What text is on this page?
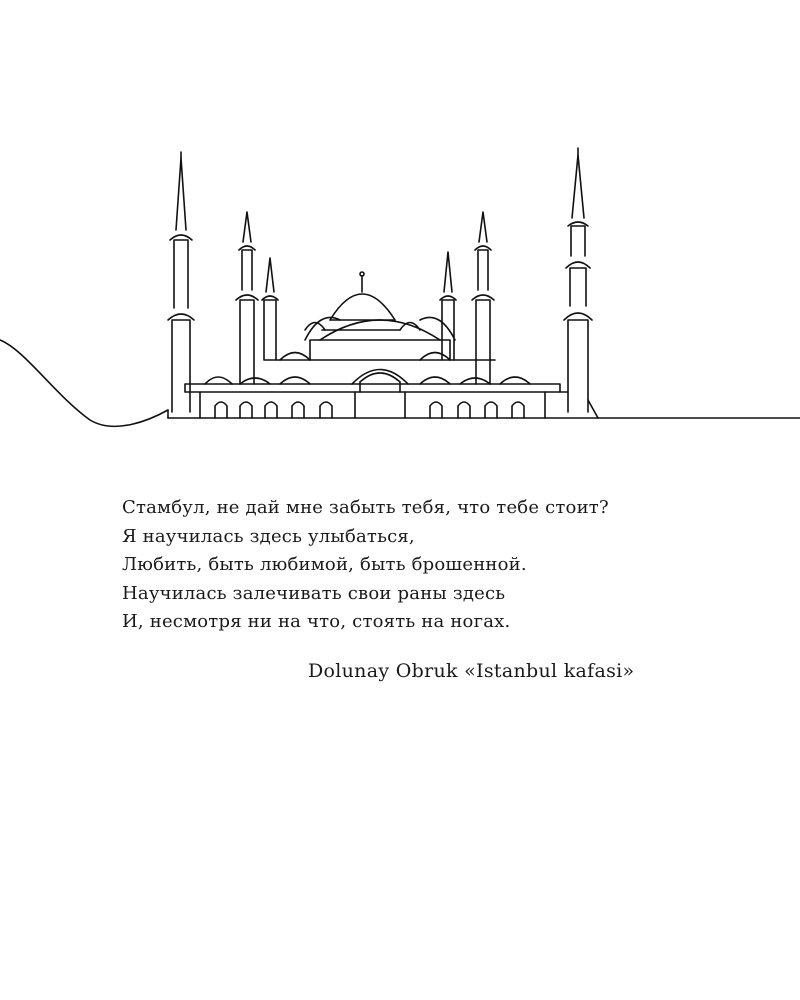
Стамбул, не дай мне забыть тебя, что тебе стоит?
Я научилась здесь улыбаться,
Любить, быть любимой, быть брошенной.
Научилась залечивать свои раны здесь
И, несмотря ни на что, стоять на ногах.
Dolunay Obruk «Istanbul kafasi»
